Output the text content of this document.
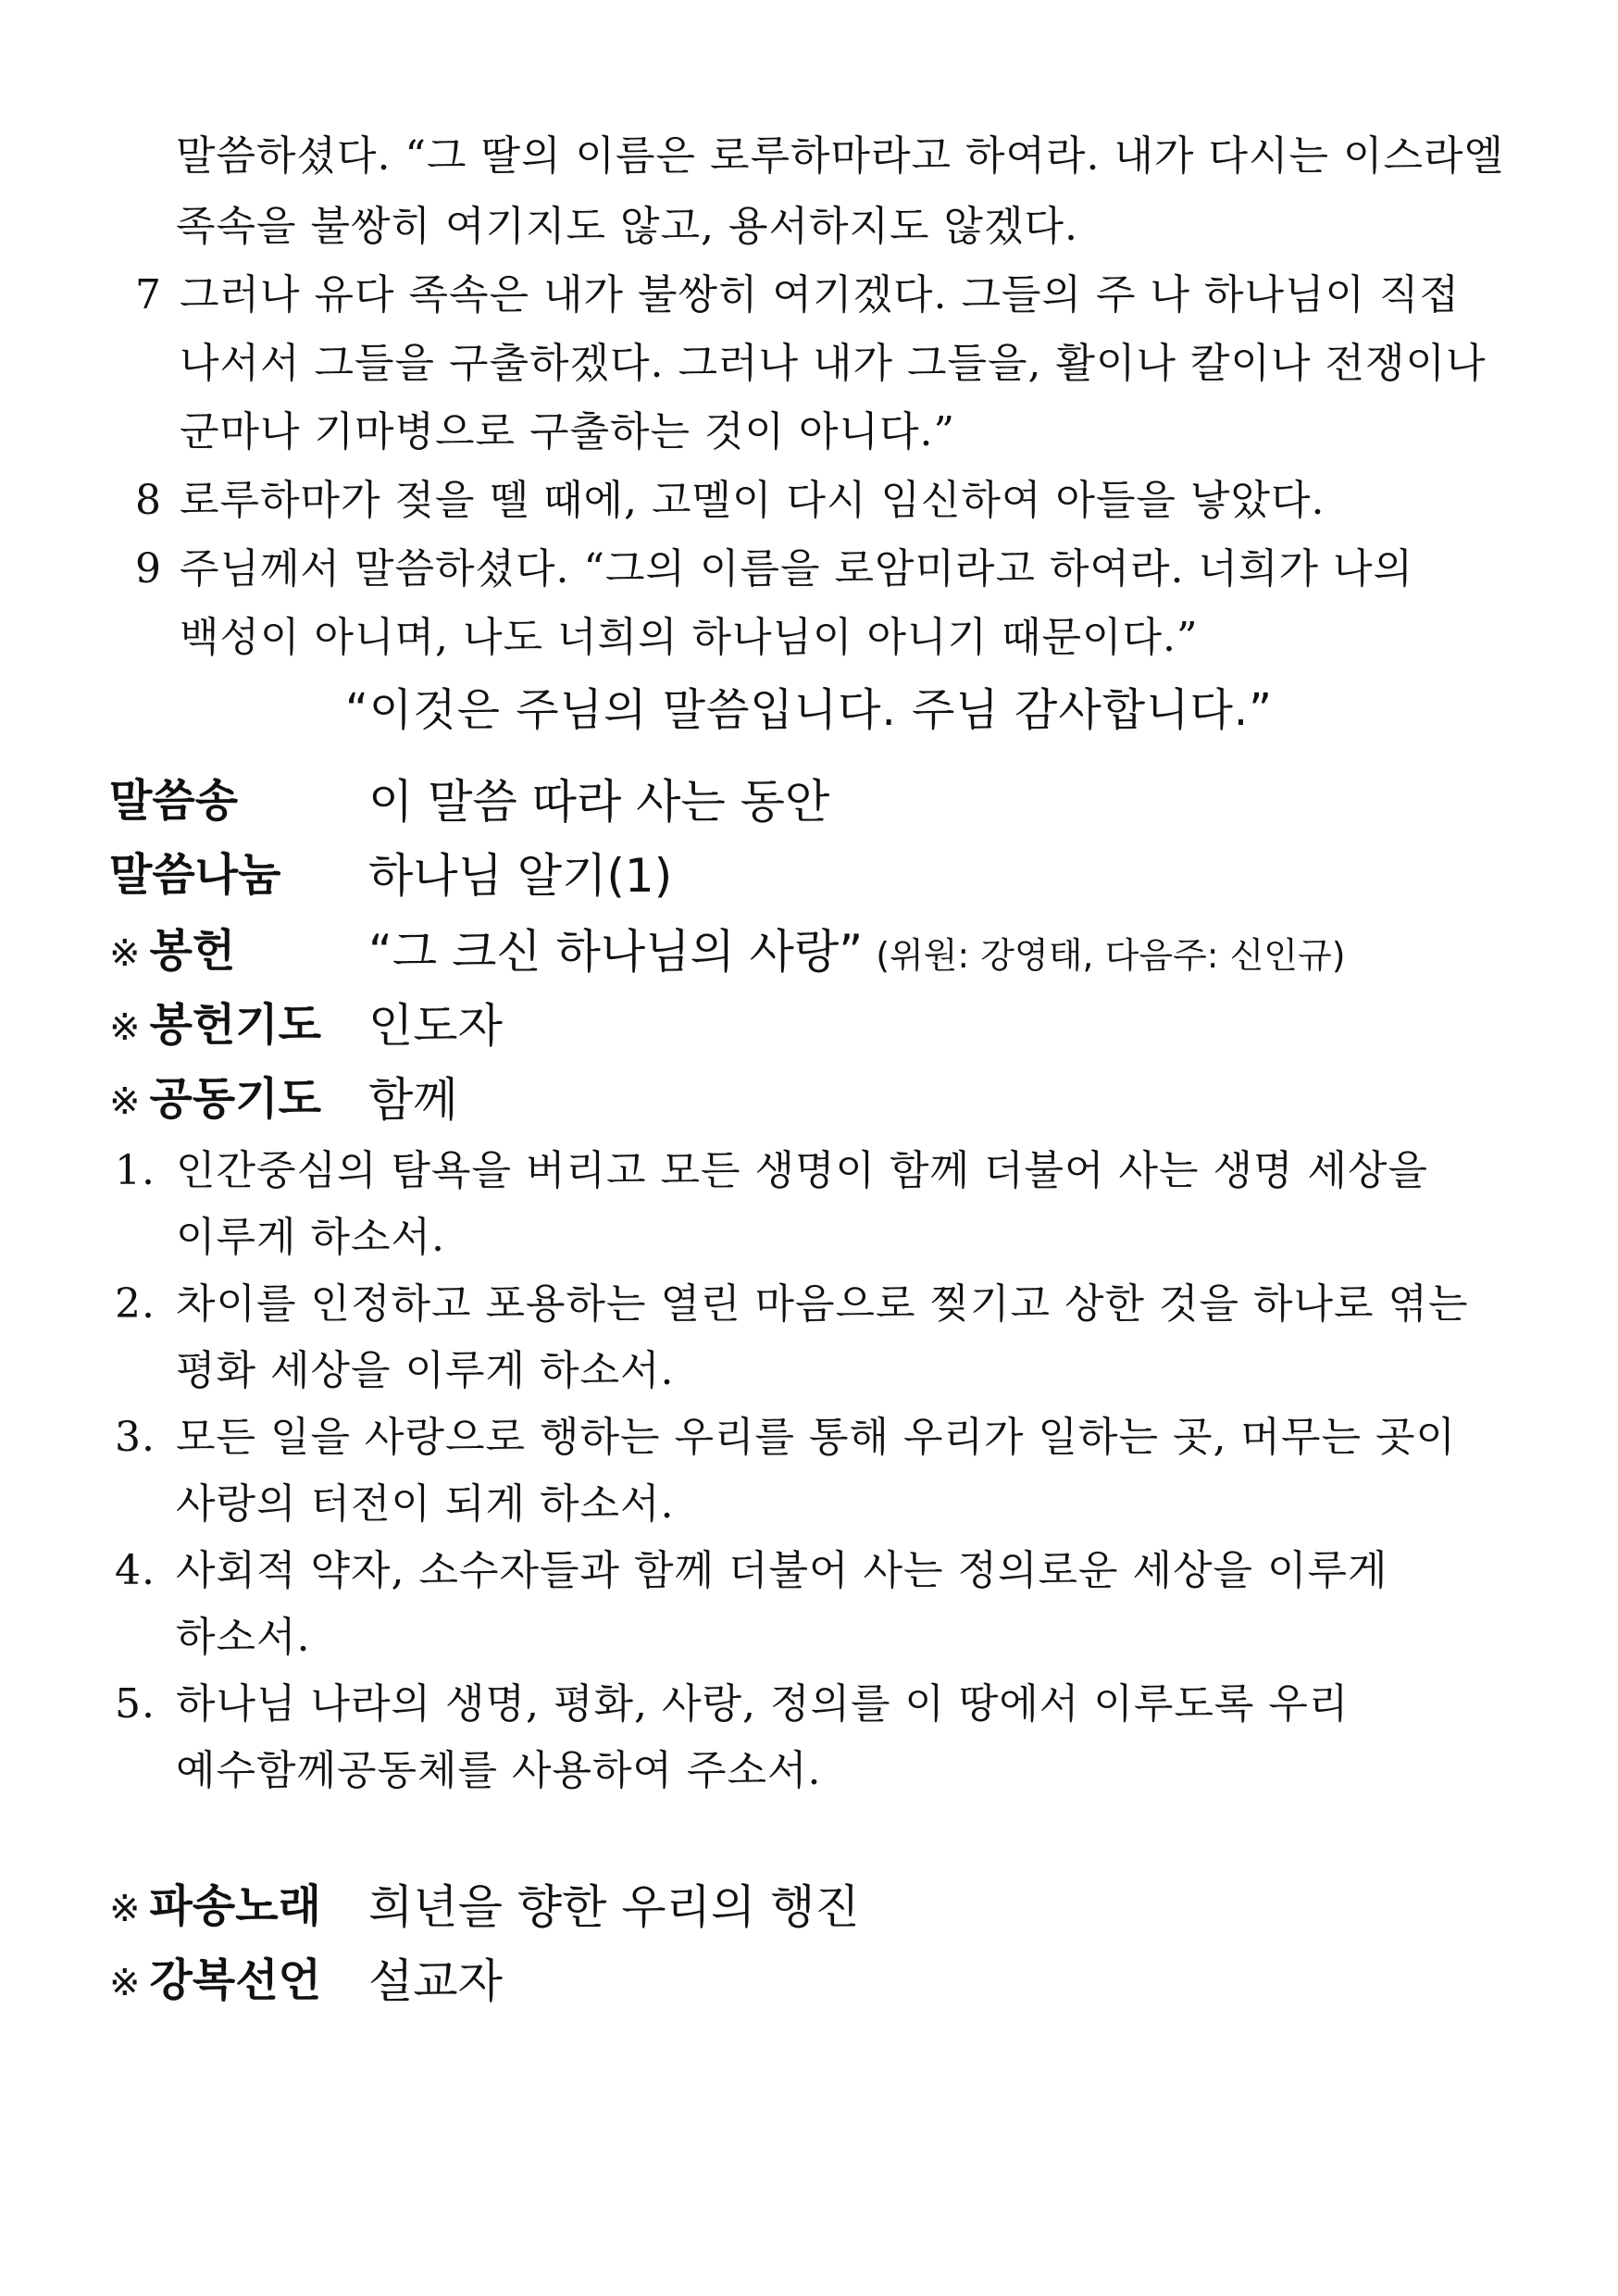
말씀하셨다. “그 딸의 이름은 로루하마라고 하여라. 내가 다시는 이스라엘
족속을 불쌍히 여기지도 않고, 용서하지도 않겠다.
7 그러나 유다 족속은 내가 불쌍히 여기겠다. 그들의 주 나 하나님이 직접
나서서 그들을 구출하겠다. 그러나 내가 그들을, 활이나 칼이나 전쟁이나
군마나 기마병으로 구출하는 것이 아니다.”
8 로루하마가 젖을 뗄 때에, 고멜이 다시 임신하여 아들을 낳았다.
9 주님께서 말씀하셨다. “그의 이름을 로암미라고 하여라. 너희가 나의
백성이 아니며, 나도 너희의 하나님이 아니기 때문이다.”
“이것은 주님의 말씀입니다. 주님 감사합니다.”
말씀송	이 말씀 따라 사는 동안
말씀나눔 하나님 알기(1)
※ 봉헌	“그 크신 하나님의 사랑” (위원: 강영태, 다음주: 신인규)
※ 봉헌기도 인도자
※ 공동기도 함께
1. 인간중심의 탐욕을 버리고 모든 생명이 함께 더불어 사는 생명 세상을
이루게 하소서.
2. 차이를 인정하고 포용하는 열린 마음으로 찢기고 상한 것을 하나로 엮는
평화 세상을 이루게 하소서.
3. 모든 일을 사랑으로 행하는 우리를 통해 우리가 일하는 곳, 머무는 곳이
사랑의 터전이 되게 하소서.
4. 사회적 약자, 소수자들과 함께 더불어 사는 정의로운 세상을 이루게
하소서.
5. 하나님 나라의 생명, 평화, 사랑, 정의를 이 땅에서 이루도록 우리
예수함께공동체를 사용하여 주소서.
※ 파송노래 희년을 향한 우리의 행진
※ 강복선언 설교자
